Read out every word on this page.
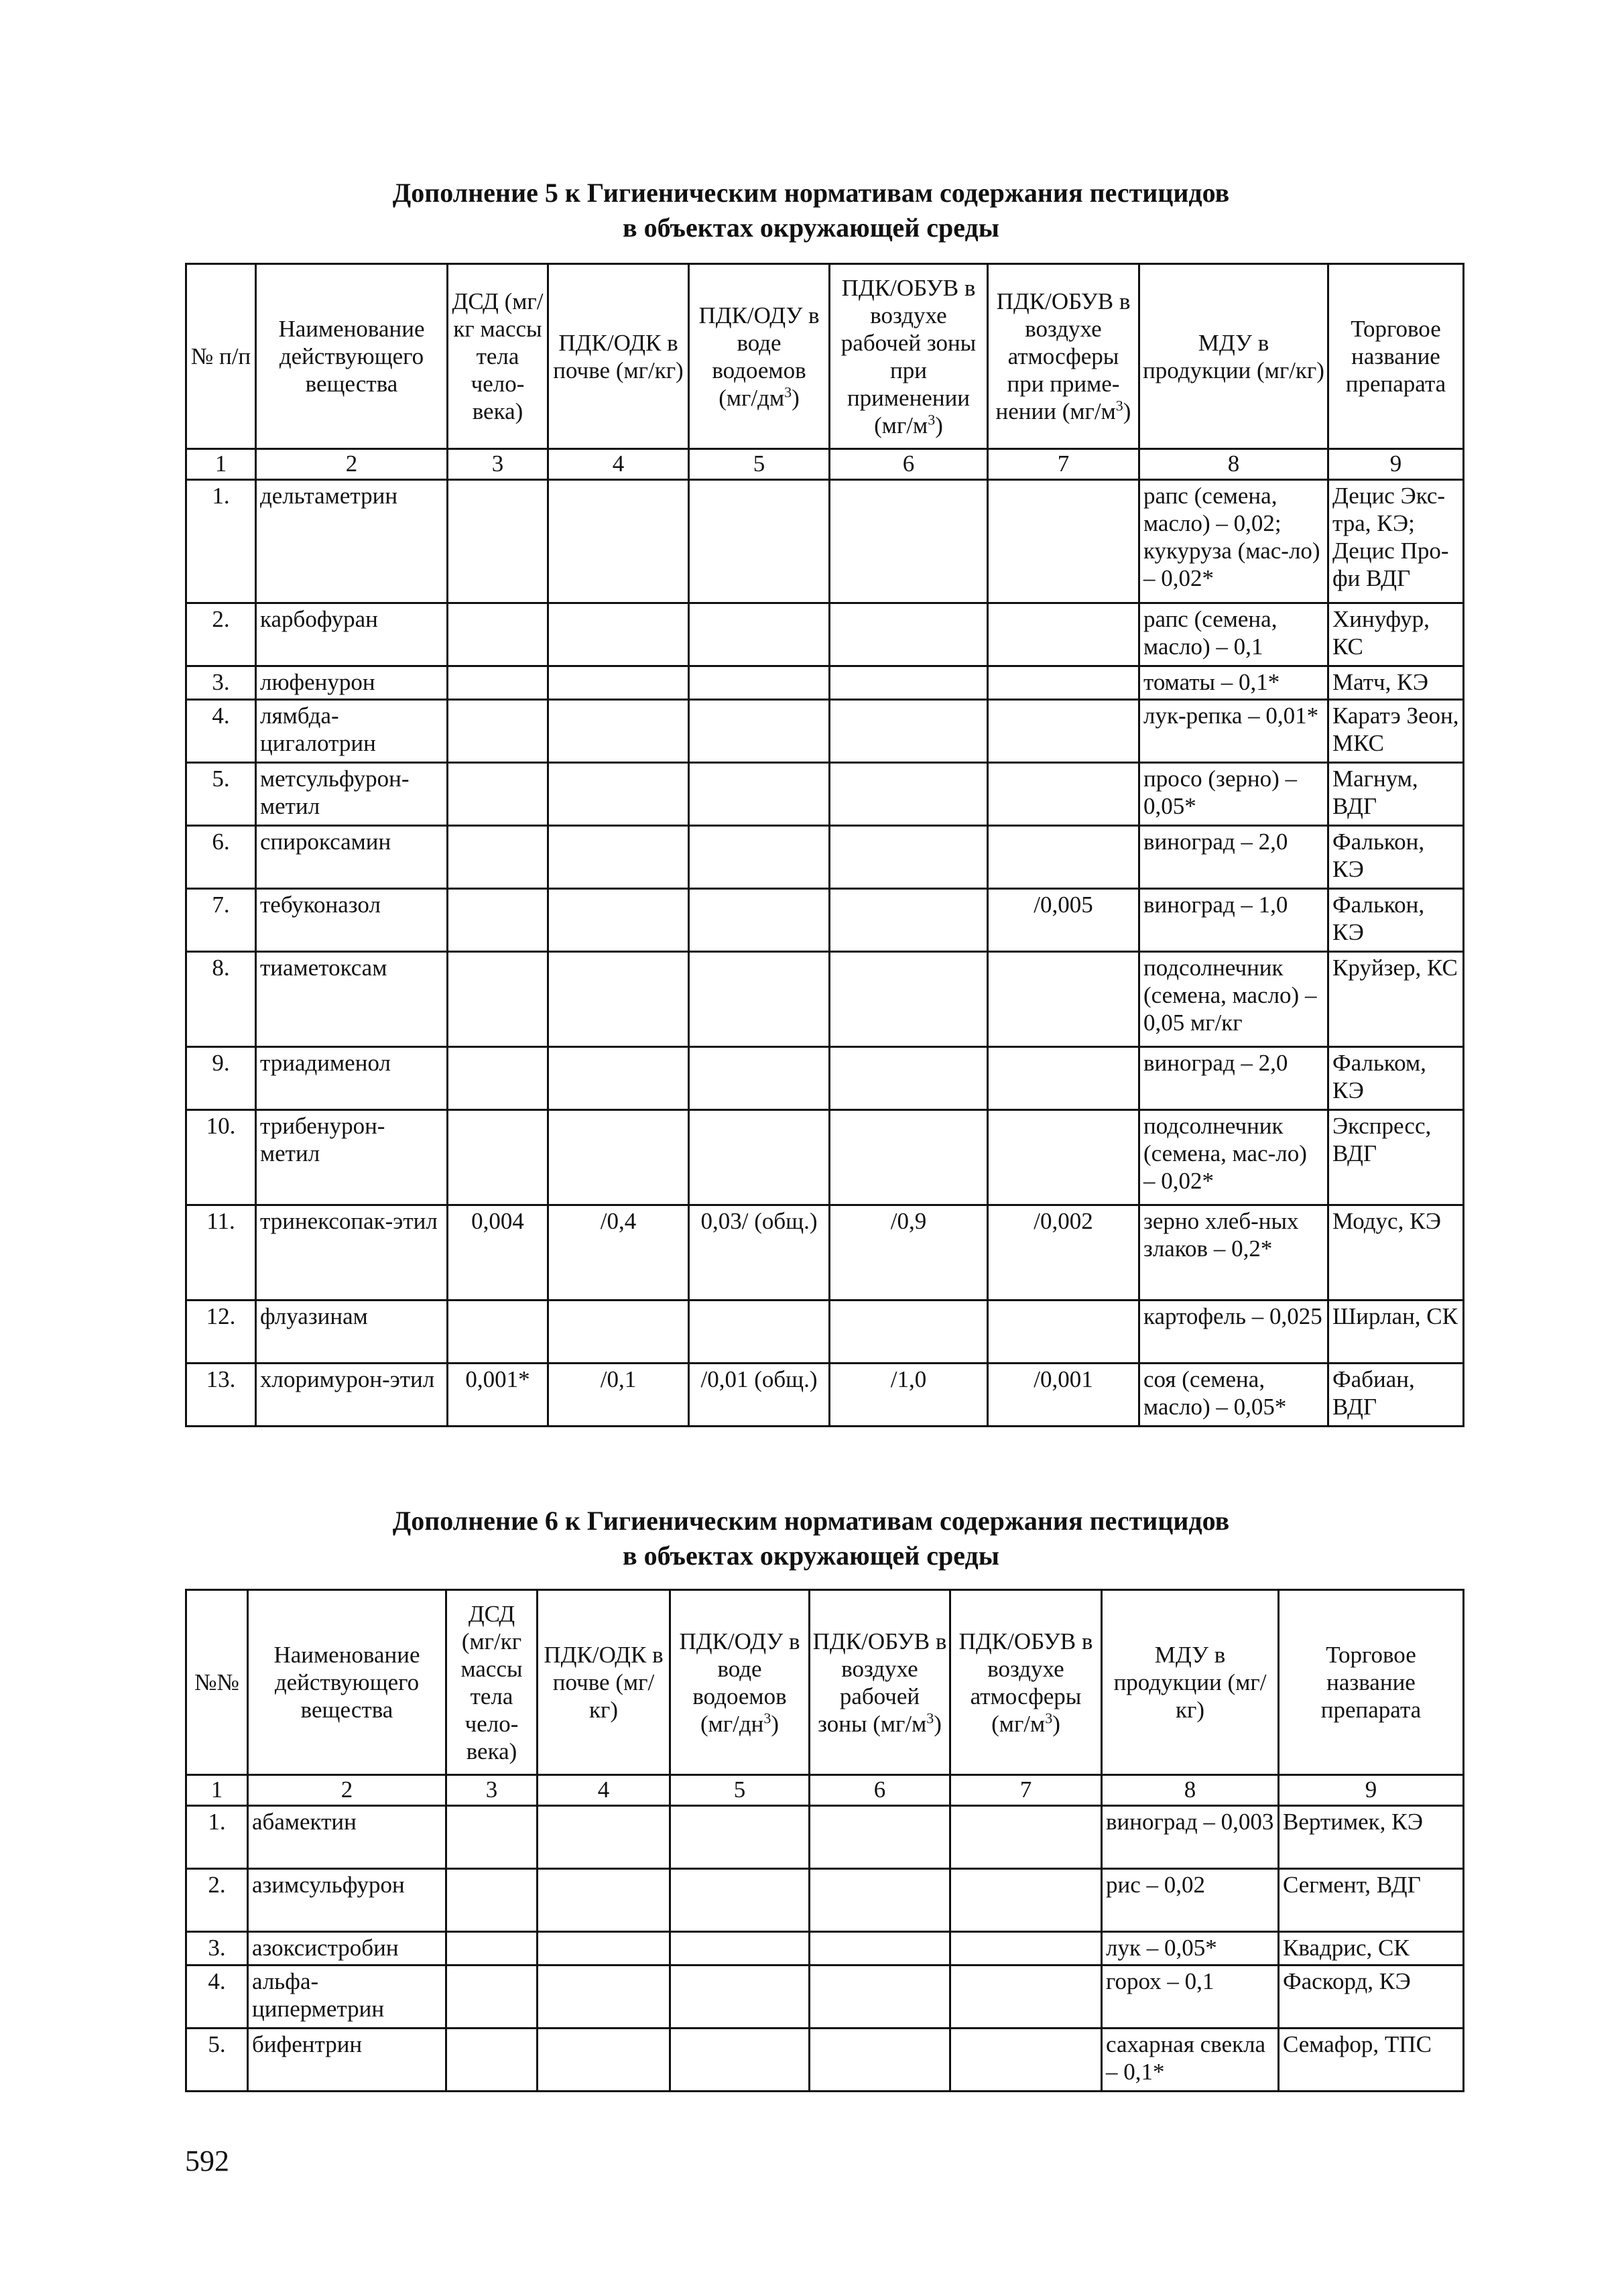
Дополнение 5 к Гигиеническим нормативам содержания пестицидов
в объектах окружающей среды
№ п/п	Наименование действующего вещества	ДСД (мг/кг массы тела чело-века)	ПДК/ОДК в почве (мг/кг)	ПДК/ОДУ в воде водоемов $(мг/дм^3)$	ПДК/ОБУВ в воздухе рабочей зоны при применении $(мг/м^3)$	ПДК/ОБУВ в воздухе атмосферы при приме-нении $(мг/м^3)$	МДУ в продукции (мг/кг)	Торговое название препарата
1	2	3	4	5	6	7	8	9
1.	дельтаметрин						рапс (семена, масло) – 0,02; кукуруза (мас-ло) – 0,02*	Децис Экс-тра, КЭ; Децис Про-фи ВДГ
2.	карбофуран						рапс (семена, масло) – 0,1	Хинуфур, КС
3.	люфенурон						томаты – 0,1*	Матч, КЭ
4.	лямбда-цигалотрин						лук-репка – 0,01*	Каратэ Зеон, МКС
5.	метсульфурон-метил						просо (зерно) – 0,05*	Магнум, ВДГ
6.	спироксамин						виноград – 2,0	Фалькон, КЭ
7.	тебуконазол					/0,005	виноград – 1,0	Фалькон, КЭ
8.	тиаметоксам						подсолнечник (семена, масло) – 0,05 мг/кг	Круйзер, КС
9.	триадименол						виноград – 2,0	Фальком, КЭ
10.	трибенурон-метил						подсолнечник (семена, мас-ло) – 0,02*	Экспресс, ВДГ
11.	тринексопак-этил	0,004	/0,4	0,03/ (общ.)	/0,9	/0,002	зерно хлеб-ных злаков – 0,2*	Модус, КЭ
12.	флуазинам						картофель – 0,025	Ширлан, СК
13.	хлоримурон-этил	0,001*	/0,1	/0,01 (общ.)	/1,0	/0,001	соя (семена, масло) – 0,05*	Фабиан, ВДГ
Дополнение 6 к Гигиеническим нормативам содержания пестицидов
в объектах окружающей среды
№№	Наименование действующего вещества	ДСД (мг/кг массы тела чело-века)	ПДК/ОДК в почве (мг/кг)	ПДК/ОДУ в воде водоемов $(мг/дн^3)$	ПДК/ОБУВ в воздухе рабочей зоны $(мг/м^3)$	ПДК/ОБУВ в воздухе атмосферы $(мг/м^3)$	МДУ в продукции (мг/кг)	Торговое название препарата
1	2	3	4	5	6	7	8	9
1.	абамектин						виноград – 0,003	Вертимек, КЭ
2.	азимсульфурон						рис – 0,02	Сегмент, ВДГ
3.	азоксистробин						лук – 0,05*	Квадрис, СК
4.	альфа-циперметрин						горох – 0,1	Фаскорд, КЭ
5.	бифентрин						сахарная свекла – 0,1*	Семафор, ТПС
592
